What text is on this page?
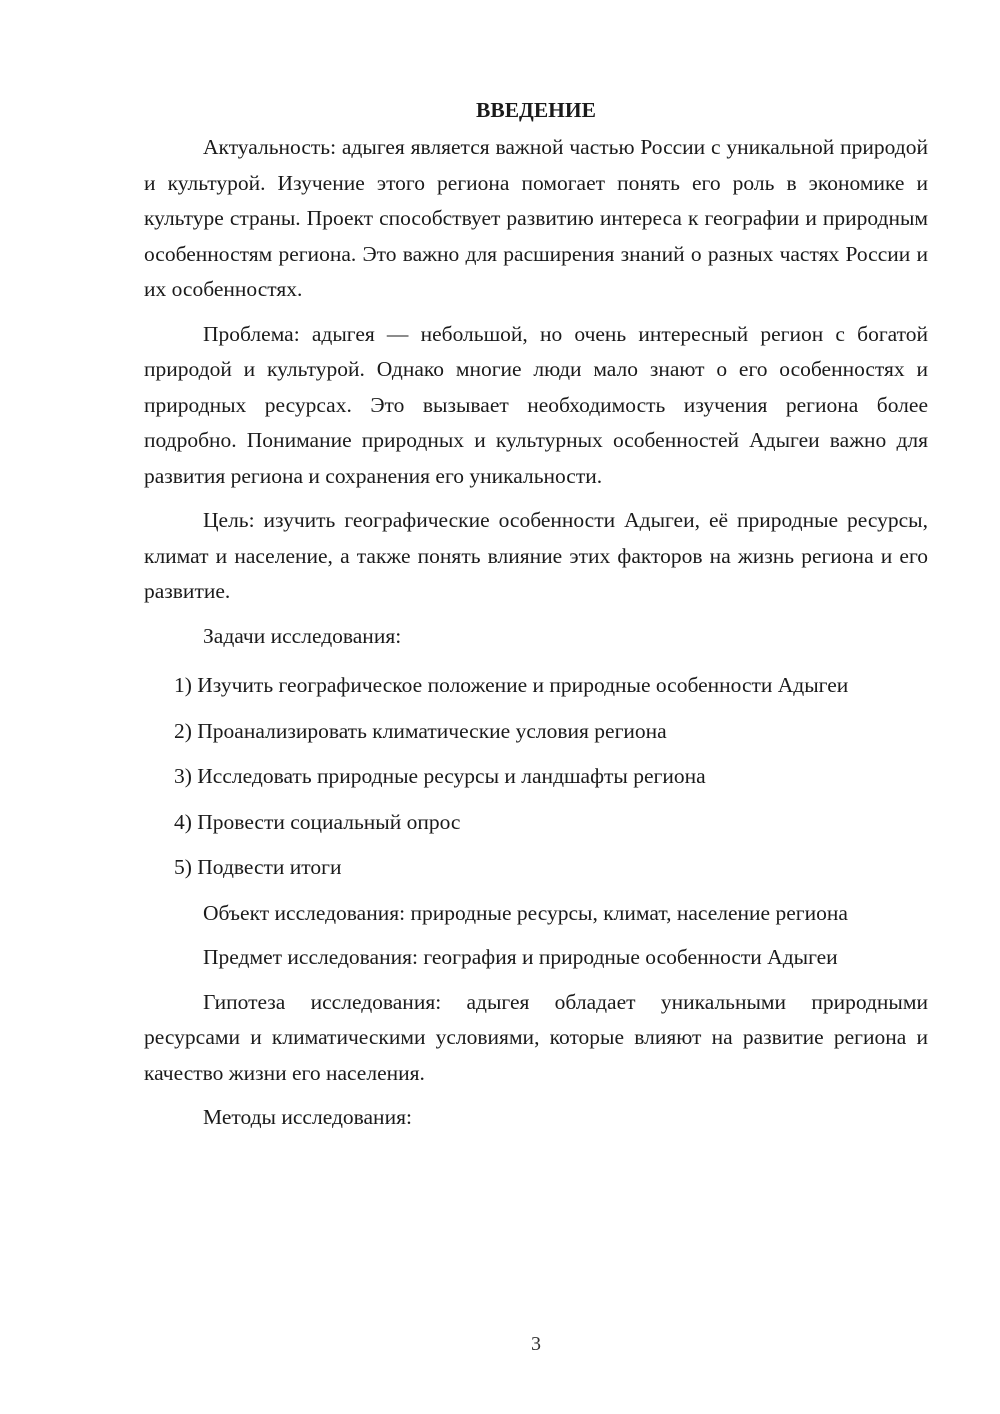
ВВЕДЕНИЕ

Актуальность: адыгея является важной частью России с уникальной природой и культурой. Изучение этого региона помогает понять его роль в экономике и культуре страны. Проект способствует развитию интереса к географии и природным особенностям региона. Это важно для расширения знаний о разных частях России и их особенностях.

Проблема: адыгея — небольшой, но очень интересный регион с богатой природой и культурой. Однако многие люди мало знают о его особенностях и природных ресурсах. Это вызывает необходимость изучения региона более подробно. Понимание природных и культурных особенностей Адыгеи важно для развития региона и сохранения его уникальности.

Цель: изучить географические особенности Адыгеи, её природные ресурсы, климат и население, а также понять влияние этих факторов на жизнь региона и его развитие.

Задачи исследования:

1) Изучить географическое положение и природные особенности Адыгеи
2) Проанализировать климатические условия региона
3) Исследовать природные ресурсы и ландшафты региона
4) Провести социальный опрос
5) Подвести итоги

Объект исследования: природные ресурсы, климат, население региона

Предмет исследования: география и природные особенности Адыгеи

Гипотеза исследования: адыгея обладает уникальными природными ресурсами и климатическими условиями, которые влияют на развитие региона и качество жизни его населения.

Методы исследования:

3
